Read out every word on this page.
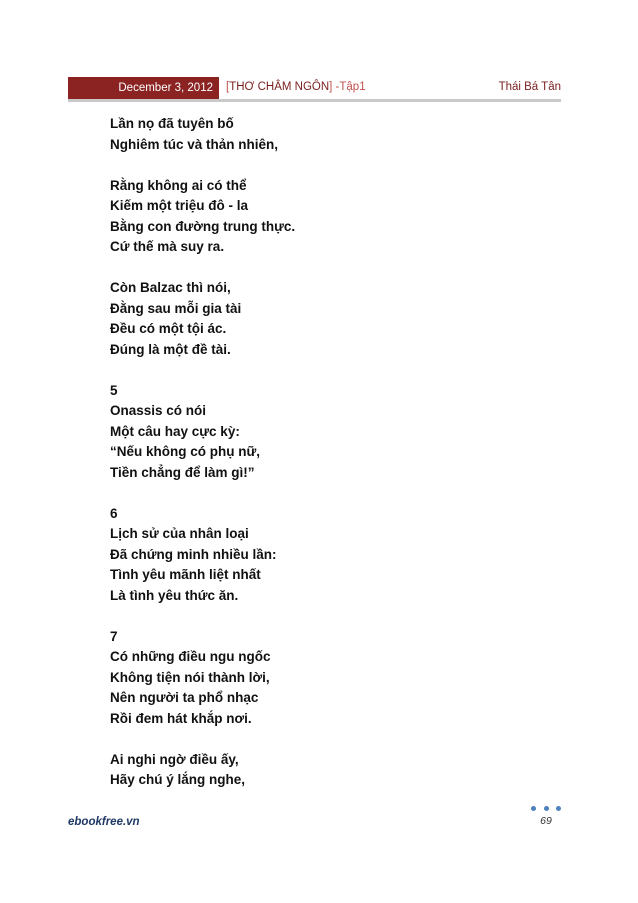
December 3, 2012	[THƠ CHÂM NGÔN] -Tập1	Thái Bá Tân
Lần nọ đã tuyên bố
Nghiêm túc và thản nhiên,
Rằng không ai có thể
Kiếm một triệu đô - la
Bằng con đường trung thực.
Cứ thế mà suy ra.
Còn Balzac thì nói,
Đằng sau mỗi gia tài
Đều có một tội ác.
Đúng là một đề tài.
5
Onassis có nói
Một câu hay cực kỳ:
“Nếu không có phụ nữ,
Tiền chẳng để làm gì!”
6
Lịch sử của nhân loại
Đã chứng minh nhiều lần:
Tình yêu mãnh liệt nhất
Là tình yêu thức ăn.
7
Có những điều ngu ngốc
Không tiện nói thành lời,
Nên người ta phổ nhạc
Rồi đem hát khắp nơi.
Ai nghi ngờ điều ấy,
Hãy chú ý lắng nghe,
69
ebookfree.vn
